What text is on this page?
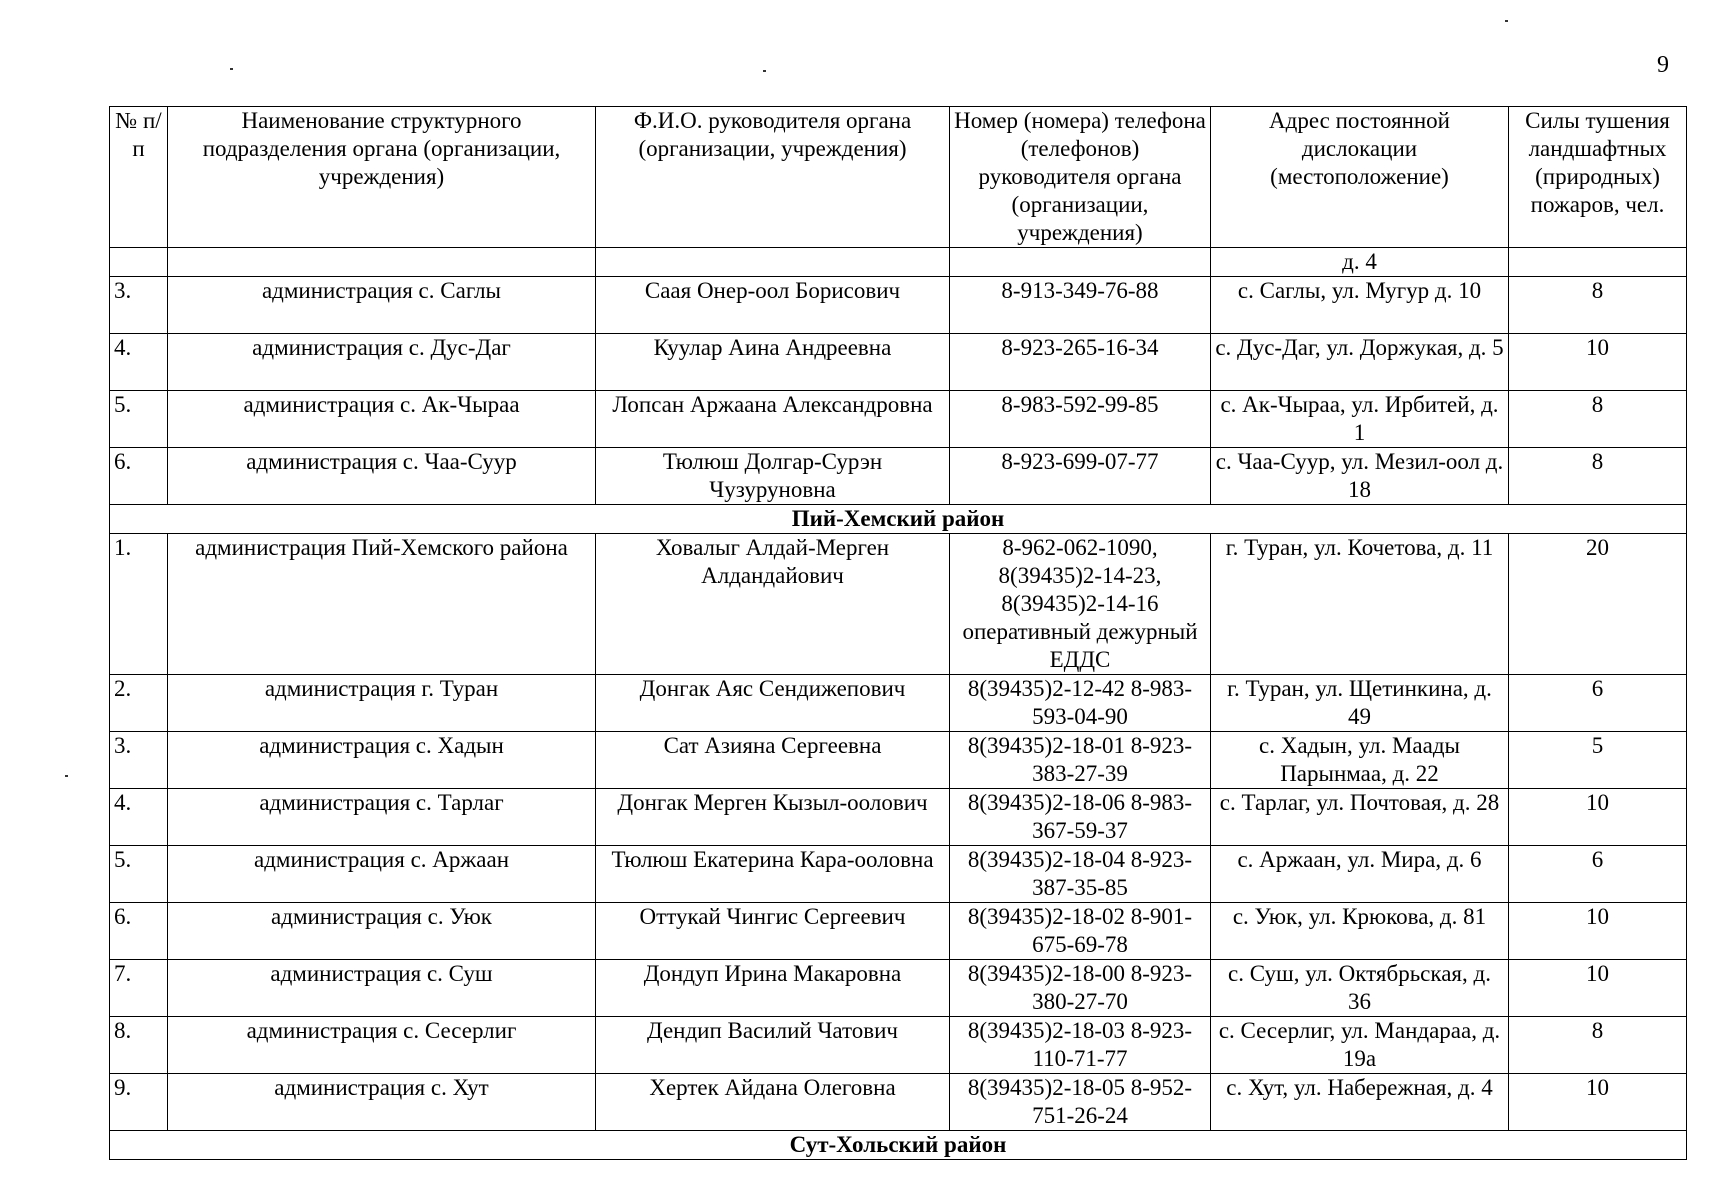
9
№ п/п	Наименование структурного подразделения органа (организации, учреждения)	Ф.И.О. руководителя органа (организации, учреждения)	Номер (номера) телефона (телефонов) руководителя органа (организации, учреждения)	Адрес постоянной дислокации (местоположение)	Силы тушения ландшафтных (природных) пожаров, чел.
				д. 4	
3.	администрация с. Саглы	Саая Онер-оол Борисович	8-913-349-76-88	с. Саглы, ул. Мугур д. 10	8
4.	администрация с. Дус-Даг	Куулар Аина Андреевна	8-923-265-16-34	с. Дус-Даг, ул. Доржукая, д. 5	10
5.	администрация с. Ак-Чыраа	Лопсан Аржаана Александровна	8-983-592-99-85	с. Ак-Чыраа, ул. Ирбитей, д. 1	8
6.	администрация с. Чаа-Суур	Тюлюш Долгар-Сурэн Чузуруновна	8-923-699-07-77	с. Чаа-Суур, ул. Мезил-оол д. 18	8
Пий-Хемский район					
1.	администрация Пий-Хемского района	Ховалыг Алдай-Мерген Алдандайович	8-962-062-1090, 8(39435)2-14-23, 8(39435)2-14-16 оперативный дежурный ЕДДС	г. Туран, ул. Кочетова, д. 11	20
2.	администрация г. Туран	Донгак Аяс Сендижепович	8(39435)2-12-42 8-983-593-04-90	г. Туран, ул. Щетинкина, д. 49	6
3.	администрация с. Хадын	Сат Азияна Сергеевна	8(39435)2-18-01 8-923-383-27-39	с. Хадын, ул. Маады Парынмаа, д. 22	5
4.	администрация с. Тарлаг	Донгак Мерген Кызыл-оолович	8(39435)2-18-06 8-983-367-59-37	с. Тарлаг, ул. Почтовая, д. 28	10
5.	администрация с. Аржаан	Тюлюш Екатерина Кара-ооловна	8(39435)2-18-04 8-923-387-35-85	с. Аржаан, ул. Мира, д. 6	6
6.	администрация с. Уюк	Оттукай Чингис Сергеевич	8(39435)2-18-02 8-901-675-69-78	с. Уюк, ул. Крюкова, д. 81	10
7.	администрация с. Суш	Дондуп Ирина Макаровна	8(39435)2-18-00 8-923-380-27-70	с. Суш, ул. Октябрьская, д. 36	10
8.	администрация с. Сесерлиг	Дендип Василий Чатович	8(39435)2-18-03 8-923-110-71-77	с. Сесерлиг, ул. Мандараа, д. 19а	8
9.	администрация с. Хут	Хертек Айдана Олеговна	8(39435)2-18-05 8-952-751-26-24	с. Хут, ул. Набережная, д. 4	10
Сут-Хольский район					
